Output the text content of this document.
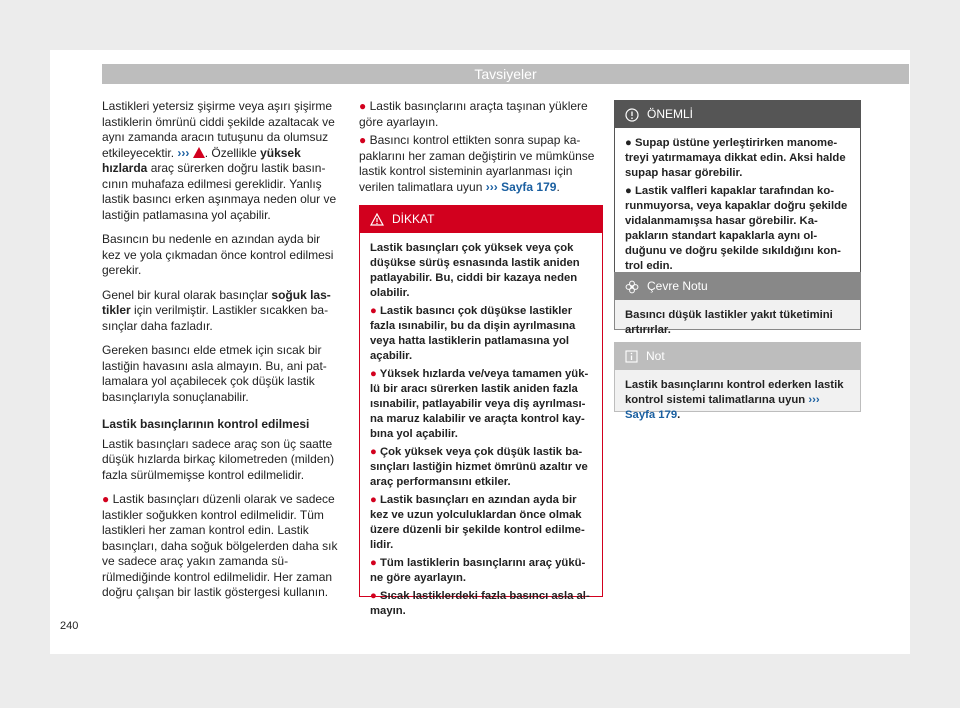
Tavsiyeler

Lastikleri yetersiz şişirme veya aşırı şişirme lastiklerin ömrünü ciddi şekilde azaltacak ve aynı zamanda aracın tutuşunu da olumsuz etkileyecektir. ››› . Özellikle yüksek hızlarda araç sürerken doğru lastik basıncının muhafaza edilmesi gereklidir. Yanlış lastik basıncı erken aşınmaya neden olur ve lastiğin patlamasına yol açabilir.

Basıncın bu nedenle en azından ayda bir kez ve yola çıkmadan önce kontrol edilmesi gerekir.

Genel bir kural olarak basınçlar soğuk lastikler için verilmiştir. Lastikler sıcakken basınçlar daha fazladır.

Gereken basıncı elde etmek için sıcak bir lastiğin havasını asla almayın. Bu, ani patlamalara yol açabilecek çok düşük lastik basınçlarıyla sonuçlanabilir.

Lastik basınçlarının kontrol edilmesi

Lastik basınçları sadece araç son üç saatte düşük hızlarda birkaç kilometreden (milden) fazla sürülmemişse kontrol edilmelidir.

● Lastik basınçları düzenli olarak ve sadece lastikler soğukken kontrol edilmelidir. Tüm lastikleri her zaman kontrol edin. Lastik basınçları, daha soğuk bölgelerden daha sık ve sadece araç yakın zamanda sürülmediğinde kontrol edilmelidir. Her zaman doğru çalışan bir lastik göstergesi kullanın.

● Lastik basınçlarını araçta taşınan yüklere göre ayarlayın.

● Basıncı kontrol ettikten sonra supap kapaklarını her zaman değiştirin ve mümkünse lastik kontrol sisteminin ayarlanması için verilen talimatlara uyun ››› Sayfa 179.

DİKKAT

Lastik basınçları çok yüksek veya çok düşükse sürüş esnasında lastik aniden patlayabilir. Bu, ciddi bir kazaya neden olabilir.

● Lastik basıncı çok düşükse lastikler fazla ısınabilir, bu da dişin ayrılmasına veya hatta lastiklerin patlamasına yol açabilir.

● Yüksek hızlarda ve/veya tamamen yüklü bir aracı sürerken lastik aniden fazla ısınabilir, patlayabilir veya diş ayrılmasına maruz kalabilir ve araçta kontrol kaybına yol açabilir.

● Çok yüksek veya çok düşük lastik basınçları lastiğin hizmet ömrünü azaltır ve araç performansını etkiler.

● Lastik basınçları en azından ayda bir kez ve uzun yolculuklardan önce olmak üzere düzenli bir şekilde kontrol edilmelidir.

● Tüm lastiklerin basınçlarını araç yüküne göre ayarlayın.

● Sıcak lastiklerdeki fazla basıncı asla almayın.

ÖNEMLİ

● Supap üstüne yerleştirirken manometreyi yatırmamaya dikkat edin. Aksi halde supap hasar görebilir.

● Lastik valfleri kapaklar tarafından korunmuyorsa, veya kapaklar doğru şekilde vidalanmamışsa hasar görebilir. Kapakların standart kapaklarla aynı olduğunu ve doğru şekilde sıkıldığını kontrol edin.

Çevre Notu

Basıncı düşük lastikler yakıt tüketimini artırırlar.

Not

Lastik basınçlarını kontrol ederken lastik kontrol sistemi talimatlarına uyun ››› Sayfa 179.

240
